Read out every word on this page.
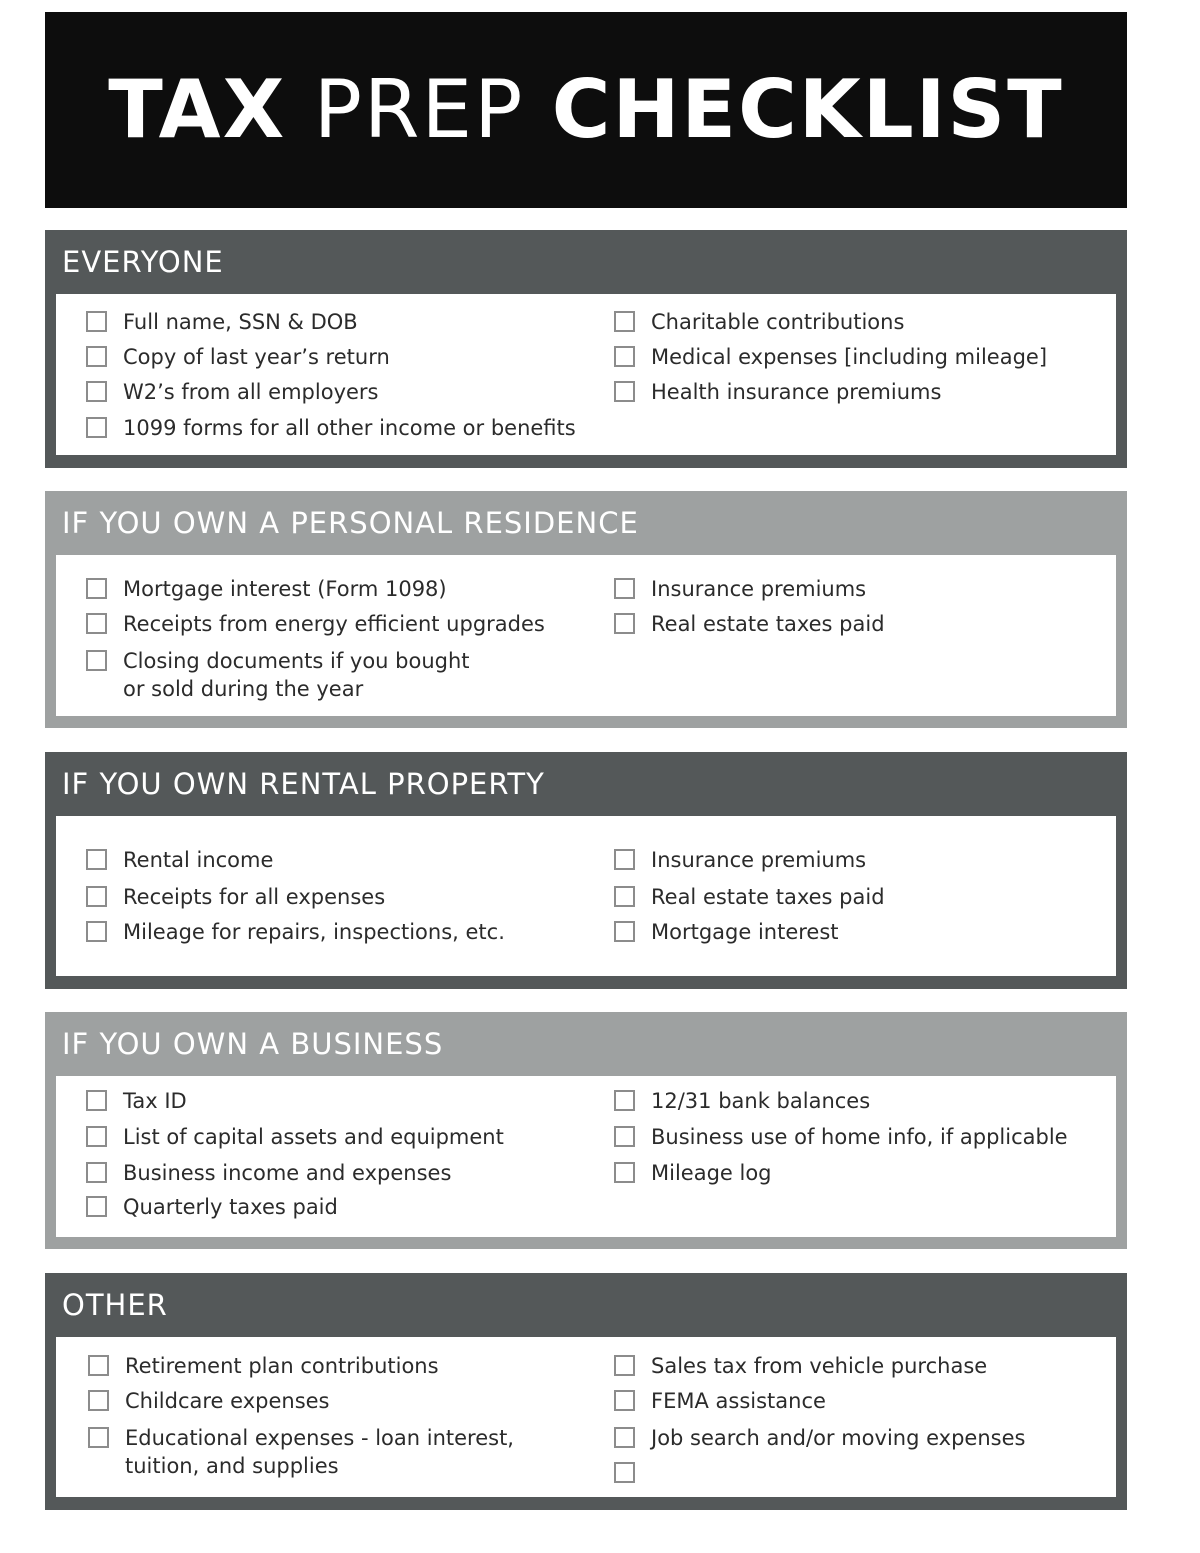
TAX PREP CHECKLIST
EVERYONE
Full name, SSN & DOB
Copy of last year’s return
W2’s from all employers
1099 forms for all other income or benefits
Charitable contributions
Medical expenses [including mileage]
Health insurance premiums
IF YOU OWN A PERSONAL RESIDENCE
Mortgage interest (Form 1098)
Receipts from energy efficient upgrades
Closing documents if you bought
or sold during the year
Insurance premiums
Real estate taxes paid
IF YOU OWN RENTAL PROPERTY
Rental income
Receipts for all expenses
Mileage for repairs, inspections, etc.
Insurance premiums
Real estate taxes paid
Mortgage interest
IF YOU OWN A BUSINESS
Tax ID
List of capital assets and equipment
Business income and expenses
Quarterly taxes paid
12/31 bank balances
Business use of home info, if applicable
Mileage log
OTHER
Retirement plan contributions
Childcare expenses
Educational expenses - loan interest,
tuition, and supplies
Sales tax from vehicle purchase
FEMA assistance
Job search and/or moving expenses
